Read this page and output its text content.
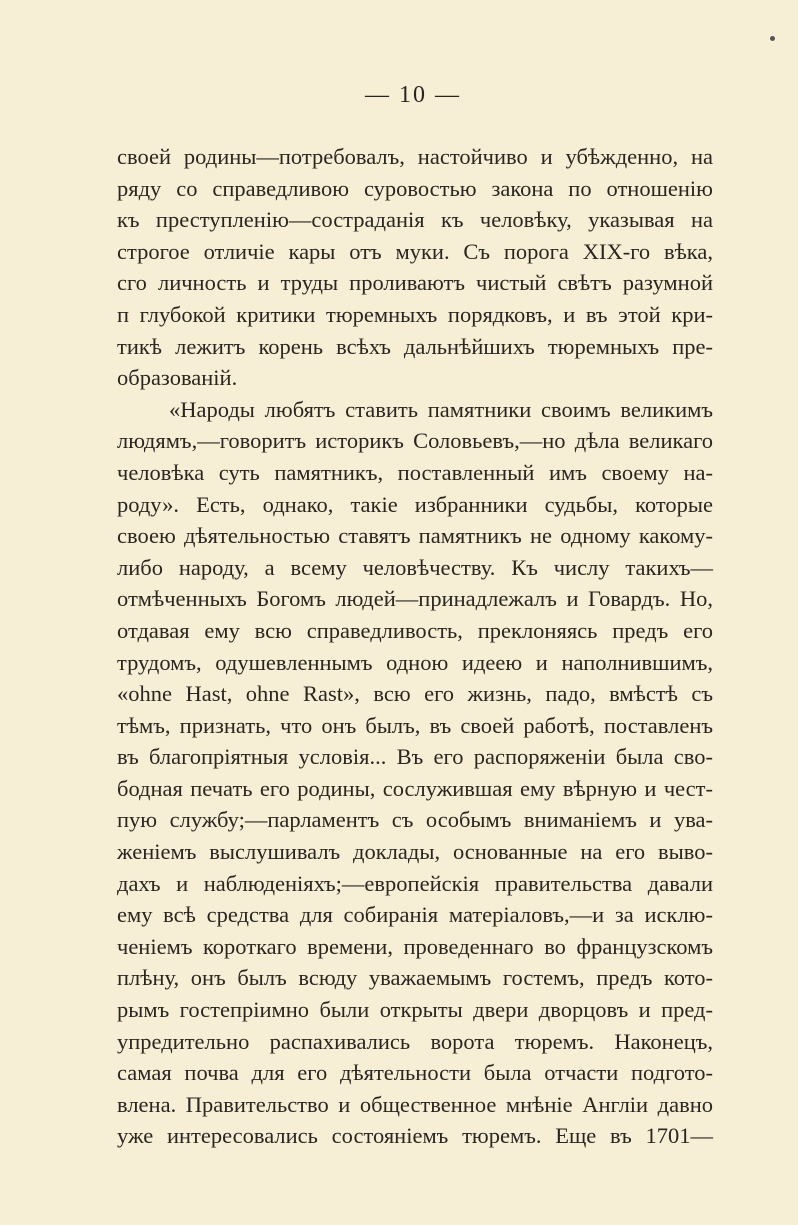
— 10 —
своей родины—потребовалъ, настойчиво и убѣжденно, на
ряду со справедливою суровостью закона по отношенію
къ преступленію—состраданія къ человѣку, указывая на
строгое отличіе кары отъ муки. Съ порога XIX-го вѣка,
сго личность и труды проливаютъ чистый свѣтъ разумной
п глубокой критики тюремныхъ порядковъ, и въ этой кри-
тикѣ лежитъ корень всѣхъ дальнѣйшихъ тюремныхъ пре-
образованій.
«Народы любятъ ставить памятники своимъ великимъ
людямъ,—говоритъ историкъ Соловьевъ,—но дѣла великаго
человѣка суть памятникъ, поставленный имъ своему на-
роду». Есть, однако, такіе избранники судьбы, которые
своею дѣятельностью ставятъ памятникъ не одному какому-
либо народу, а всему человѣчеству. Къ числу такихъ—
отмѣченныхъ Богомъ людей—принадлежалъ и Говардъ. Но,
отдавая ему всю справедливость, преклоняясь предъ его
трудомъ, одушевленнымъ одною идеею и наполнившимъ,
«ohne Hast, ohne Rast», всю его жизнь, падо, вмѣстѣ съ
тѣмъ, признать, что онъ былъ, въ своей работѣ, поставленъ
въ благопріятныя условія... Въ его распоряженіи была сво-
бодная печать его родины, сослужившая ему вѣрную и чест-
пую службу;—парламентъ съ особымъ вниманіемъ и ува-
женіемъ выслушивалъ доклады, основанные на его выво-
дахъ и наблюденіяхъ;—европейскія правительства давали
ему всѣ средства для собиранія матеріаловъ,—и за исклю-
ченіемъ короткаго времени, проведеннаго во французскомъ
плѣну, онъ былъ всюду уважаемымъ гостемъ, предъ кото-
рымъ гостепріимно были открыты двери дворцовъ и пред-
упредительно распахивались ворота тюремъ. Наконецъ,
самая почва для его дѣятельности была отчасти подгото-
влена. Правительство и общественное мнѣніе Англіи давно
уже интересовались состояніемъ тюремъ. Еще въ 1701—
